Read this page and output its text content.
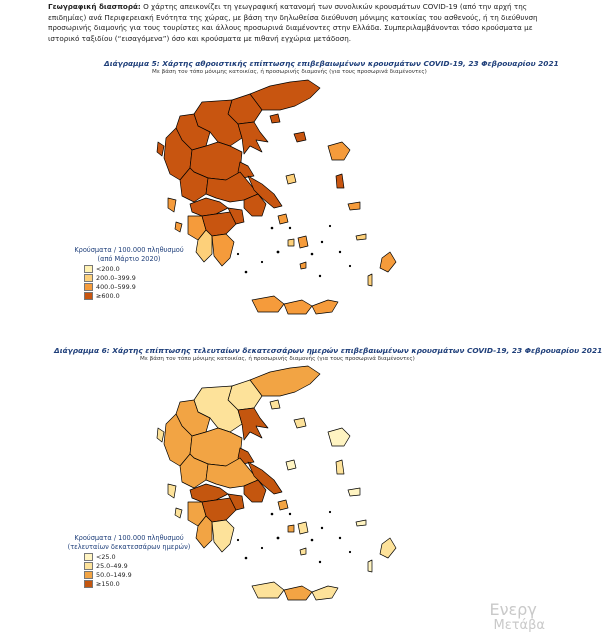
Γεωγραφική διασπορά: Ο χάρτης απεικονίζει τη γεωγραφική κατανομή των συνολικών κρουσμάτων COVID-19 (από την αρχή της επιδημίας) ανά Περιφερειακή Ενότητα της χώρας, με βάση την δηλωθείσα διεύθυνση μόνιμης κατοικίας του ασθενούς, ή τη διεύθυνση προσωρινής διαμονής για τους τουρίστες και άλλους προσωρινά διαμένοντες στην Ελλάδα. Συμπεριλαμβάνονται τόσο κρούσματα με ιστορικό ταξιδίου (“εισαγόμενα”) όσο και κρούσματα με πιθανή εγχώρια μετάδοση.
Διάγραμμα 5: Χάρτης αθροιστικής επίπτωσης επιβεβαιωμένων κρουσμάτων COVID-19, 23 Φεβρουαρίου 2021
Με βάση τον τόπο μόνιμης κατοικίας, ή προσωρινής διαμονής (για τους προσωρινά διαμένοντες)
Κρούσματα / 100.000 πληθυσμού
(από Μάρτιο 2020)
<200.0
200.0–399.9
400.0–599.9
≥600.0
Διάγραμμα 6: Χάρτης επίπτωσης τελευταίων δεκατεσσάρων ημερών επιβεβαιωμένων κρουσμάτων COVID-19, 23 Φεβρουαρίου 2021
Με βάση τον τόπο μόνιμης κατοικίας, ή προσωρινής διαμονής (για τους προσωρινά διαμένοντες)
Κρούσματα / 100.000 πληθυσμού
(τελευταίων δεκατεσσάρων ημερών)
<25.0
25.0–49.9
50.0–149.9
≥150.0
Ενεργ
Μετάβα
